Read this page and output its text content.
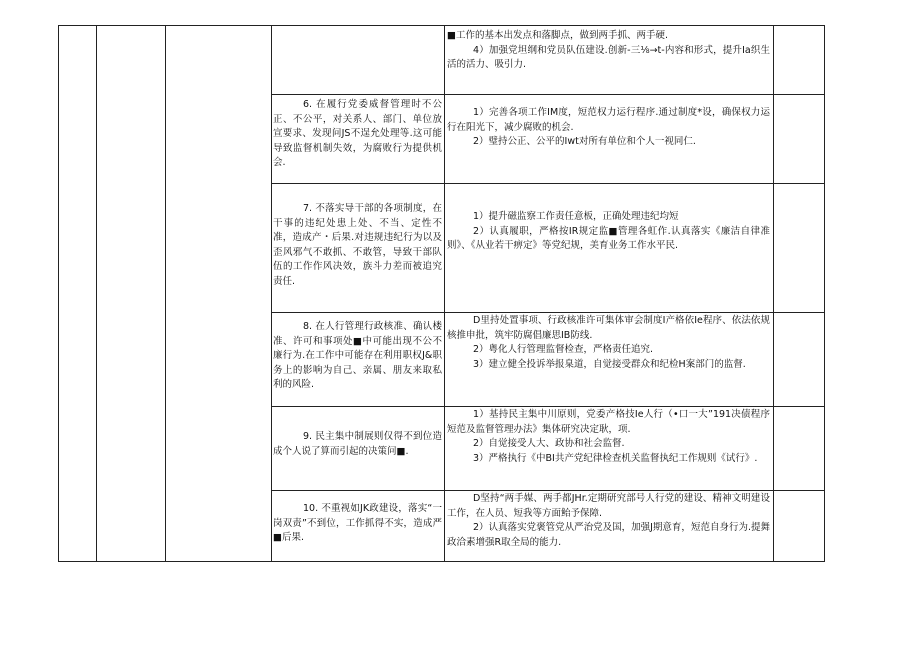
■工作的基本出发点和落脚点，做到两手抓、两手硬.

4）加强党坦纲和党员队伍建设.创新-三⅛→t-内容和形式，提升Ia织生活的活力、吸引力.

6. 在履行党委威督管理时不公正、不公平，对关系人、部门、单位放宣要求、发现问JS不逞允处理等.这可能导致监督机制失效，为腐败行为提供机会.

1）完善各项工作IM度，短范权力运行程序.通过制度*设，确保权力运行在阳光下，减少腐败的机会.

2）璧持公正、公平的Iwt对所有单位和个人一视同仁.

7. 不落实导干部的各项制度，在干事的违纪处患上处、不当、定性不准，造成产・后果.对违规违纪行为以及歪风邪气不敢抓、不敢管，导致干部队伍的工作作风决效，族斗力差而被追究责任.

1）提升磁监察工作责任意板，正确处理违纪均短

2）认真履职，严格按IR规定监■管理各虹作.认真落实《廉洁自律准则》、《从业若干痹定》等党纪规，美育业务工作水平民.

8. 在人行管理行政核准、确认楼准、许可和事项处■中可能出现不公不廉行为.在工作中可能存在利用职权J&职务上的影响为自己、亲属、朋友来取私利的风险.

D里持处置事项、行政核准许可集体审会制度I产格依Ie程序、依法依规核推申批，筑牢防腐倡廉思IB防线.

2）粤化人行管理监督检查，严格责任追究.

3）建立健全投诉举报臬道，自觉接受群众和纪检H案部门的监督.

9. 民主集中制展则仅得不到位造成个人说了算而引起的决策问■.

1）基持民主集中川原则，党委产格技Ie人行（•口一大”191决债程序短范及监督管理办法》集体研究决定耿，项.

2）自觉接受人大、政协和社会监督.

3）严格执行《中BI共产党纪律检查机关监督执纪工作规则《试行》.

10. 不重视如JK政建设，落实“一岗双责”不到位，工作抓得不实，造成严■后果.

D坚持“两手媒、两手都JHr.定期研究部号人行党的建设、精神文明建设工作，在人员、短我等方面鲐予保障.

2）认真落实党褒管党从严治党及国，加强J期意育，短范自身行为.提舞政洽素增强R取全局的能力.
